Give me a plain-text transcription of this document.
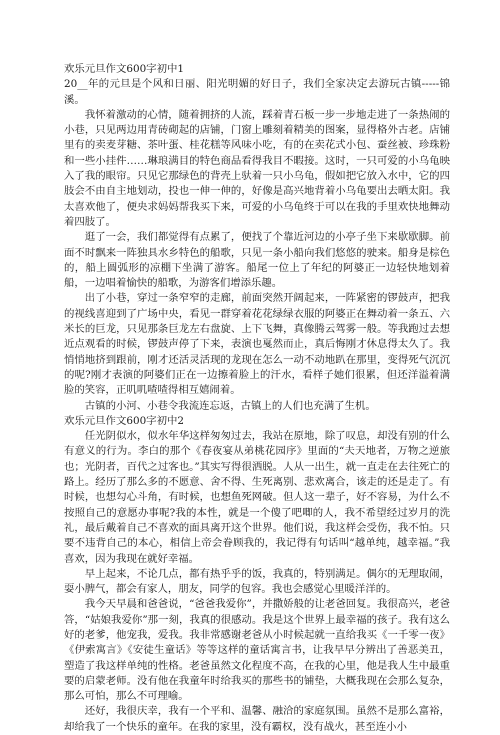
欢乐元旦作文600字初中1

20__年的元旦是个风和日丽、阳光明媚的好日子，我们全家决定去游玩古镇-----锦溪。

我怀着激动的心情，随着拥挤的人流，踩着青石板一步一步地走进了一条热闹的小巷，只见两边用青砖砌起的店铺，门窗上雕刻着精美的图案，显得格外古老。店铺里有的卖麦芽糖、茶叶蛋、桂花糕等风味小吃，有的在卖花式小包、蚕丝被、珍珠粉和一些小挂件……琳琅满目的特色商品看得我目不暇接。这时，一只可爱的小乌龟映入了我的眼帘。只见它那绿色的背壳上驮着一只小乌龟，假如把它放入水中，它的四肢会不由自主地划动，投也一伸一伸的，好像是高兴地背着小乌龟要出去晒太阳。我太喜欢他了，便央求妈妈帮我买下来，可爱的小乌龟终于可以在我的手里欢快地舞动着四肢了。

逛了一会，我们都觉得有点累了，便找了个靠近河边的小亭子坐下来歇歇脚。前面不时飘来一阵独具水乡特色的船歌，只见一条小船向我们悠悠的驶来。船身是棕色的，船上圆弧形的凉棚下坐满了游客。船尾一位上了年纪的阿婆正一边轻快地划着船，一边唱着愉快的船歌，为游客们增添乐趣。

出了小巷，穿过一条窄窄的走廊，前面突然开阔起来，一阵紧密的锣鼓声，把我的视线喜迎到了广场中央，看见一群穿着花花绿绿衣服的阿婆正在舞动着一条五、六米长的巨龙，只见那条巨龙左右盘旋、上下飞舞，真像腾云驾雾一般。等我跑过去想近点观看的时候，锣鼓声停了下来，表演也戛然而止，真后悔刚才休息得太久了。我悄悄地挤到跟前，刚才还活灵活现的龙现在怎么一动不动地趴在那里，变得死气沉沉的呢?刚才表演的阿婆们正在一边擦着脸上的汗水，看样子她们很累，但还洋溢着满脸的笑容，正叽叽喳喳得相互嬉闹着。

古镇的小河、小巷令我流连忘返，古镇上的人们也充满了生机。

欢乐元旦作文600字初中2

任光阴似水，似水年华这样匆匆过去，我站在原地，除了叹息，却没有别的什么有意义的行为。李白的那个《春夜宴从弟桃花园序》里面的“夫天地者，万物之逆旅也；光阴者，百代之过客也。”其实写得很洒脱。人从一出生，就一直走在去往死亡的路上。经历了那么多的不愿意、舍不得、生死离别、悲欢离合，该走的还是走了。有时候，也想勾心斗角，有时候，也想鱼死网破。但人这一辈子，好不容易，为什么不按照自己的意愿办事呢?我的本性，就是一个傻了吧唧的人，我不希望经过岁月的洗礼，最后戴着自己不喜欢的面具离开这个世界。他们说，我这样会受伤，我不怕。只要不违背自己的本心，相信上帝会眷顾我的，我记得有句话叫“越单纯，越幸福。”我喜欢，因为我现在就好幸福。

早上起来，不论几点，都有热乎乎的饭，我真的，特别满足。偶尔的无理取闹，耍小脾气，都会有家人，朋友，同学的包容。我也会感觉心里暖洋洋的。

我今天早晨和爸爸说，“爸爸我爱你”，并撒娇般的让老爸回复。我很高兴，老爸答，“姑娘我爱你”那一刻，我真的很感动。我是这个世界上最幸福的孩子。我有这么好的老爹，他宠我，爱我。我非常感谢老爸从小时候起就一直给我买《一千零一夜》《伊索寓言》《安徒生童话》等等这样的童话寓言书，让我早早分辨出了善恶美丑，塑造了我这样单纯的性格。老爸虽然文化程度不高，在我的心里，他是我人生中最重要的启蒙老师。没有他在我童年时给我买的那些书的铺垫，大概我现在会那么复杂，那么可怕，那么不可理喻。

还好，我很庆幸，我有一个平和、温馨、融洽的家庭氛围。虽然不是那么富裕，却给我了一个快乐的童年。在我的家里，没有霸权，没有战火，甚至连小小
